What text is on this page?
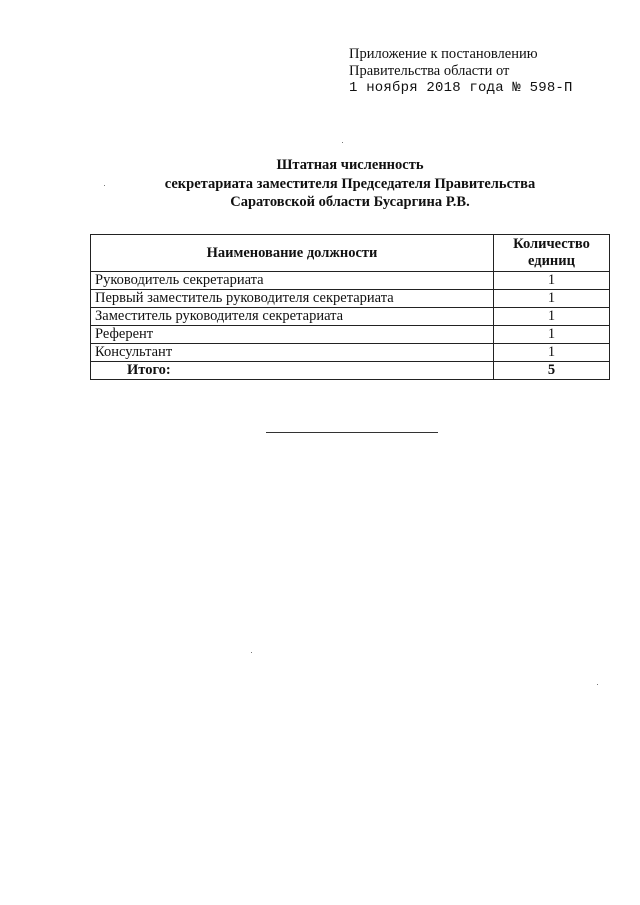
Приложение к постановлению
Правительства области от
1 ноября 2018 года № 598-П
Штатная численность
секретариата заместителя Председателя Правительства
Саратовской области Бусаргина Р.В.
Наименование должности	Количество
единиц

Руководитель секретариата	1
Первый заместитель руководителя секретариата	1
Заместитель руководителя секретариата	1
Референт	1
Консультант	1
Итого:	5
